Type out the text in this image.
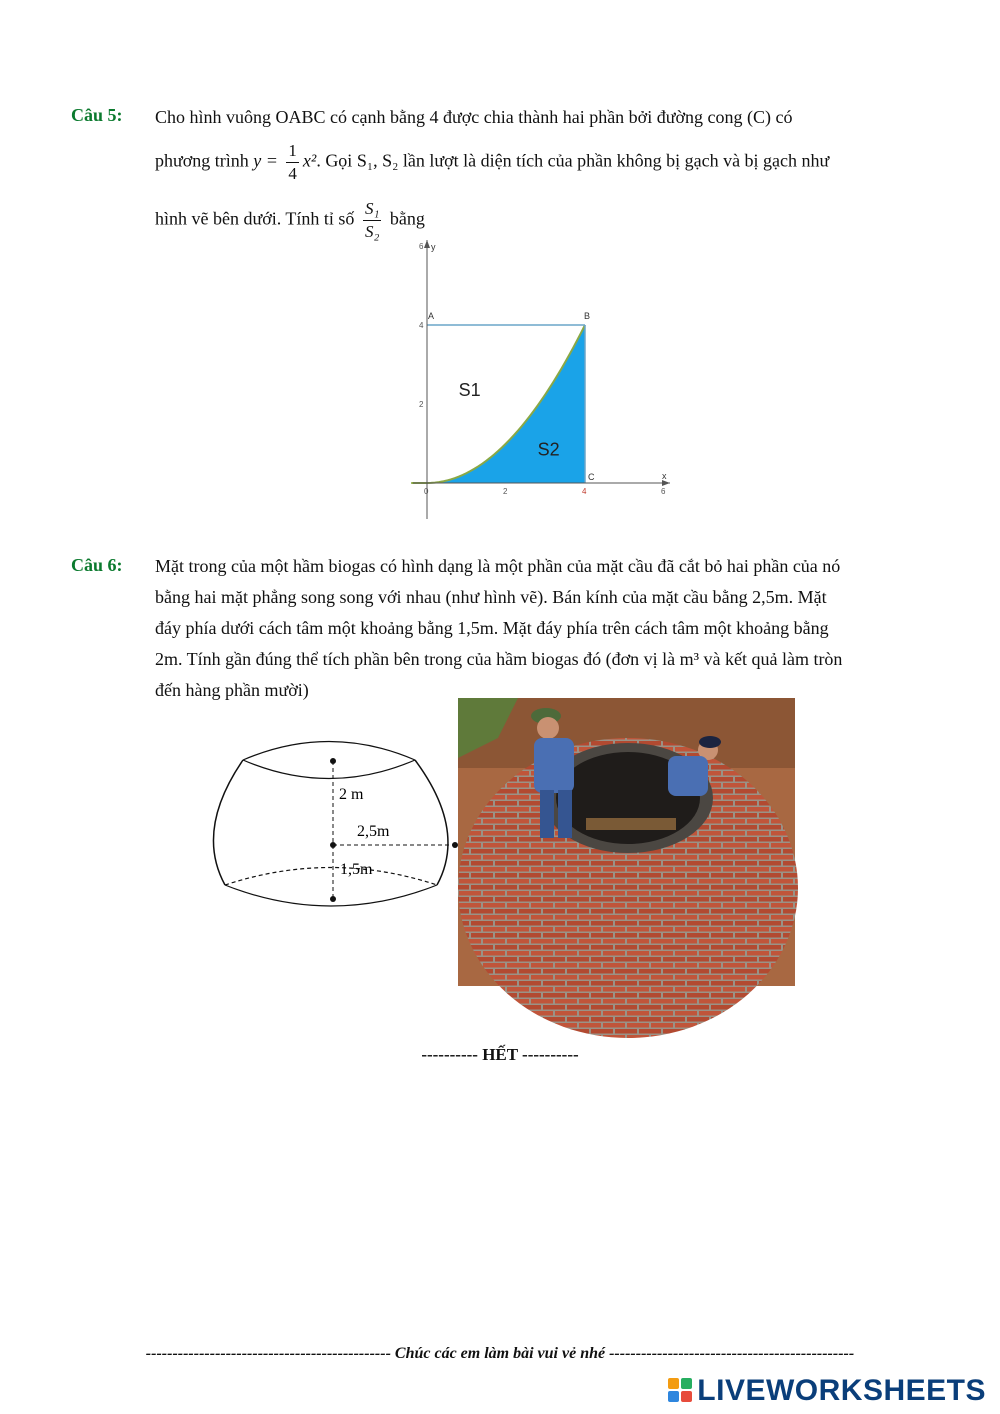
Câu 5: Cho hình vuông OABC có cạnh bằng 4 được chia thành hai phần bởi đường cong (C) có
phương trình $y = \frac{1}{4} x^2$. Gọi S₁, S₂ lần lượt là diện tích của phần không bị gạch và bị gạch như
hình vẽ bên dưới. Tính tỉ số $\frac{\text{S₁}}{\text{S₂}}$ bằng
0	2	4	6
2
4
6 y
x
A	B
C
S1
S2
Câu 6: Mặt trong của một hầm biogas có hình dạng là một phần của mặt cầu đã cắt bỏ hai phần của nó
bằng hai mặt phẳng song song với nhau (như hình vẽ). Bán kính của mặt cầu bằng 2,5m. Mặt
đáy phía dưới cách tâm một khoảng bằng 1,5m. Mặt đáy phía trên cách tâm một khoảng bằng
2m. Tính gần đúng thể tích phần bên trong của hầm biogas đó (đơn vị là m³ và kết quả làm tròn
đến hàng phần mười)
2 m
2,5m
1,5m
---------- HẾT ----------
---------------------------------------------- Chúc các em làm bài vui vẻ nhé ----------------------------------------------
LIVEWORKSHEETS
